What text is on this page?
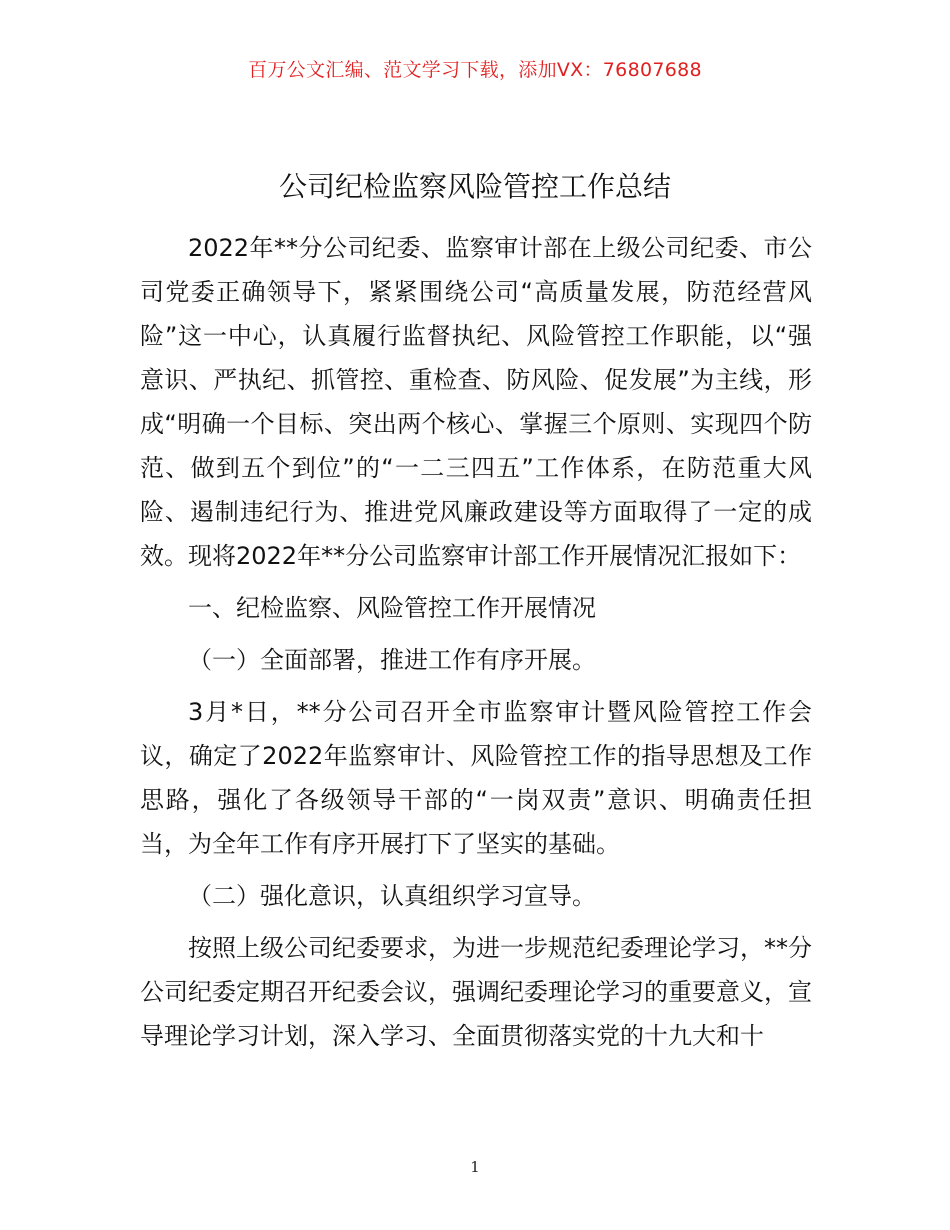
百万公文汇编、范文学习下载，添加VX：76807688
公司纪检监察风险管控工作总结

2022年**分公司纪委、监察审计部在上级公司纪委、市公司党委正确领导下，紧紧围绕公司“高质量发展，防范经营风险”这一中心，认真履行监督执纪、风险管控工作职能，以“强意识、严执纪、抓管控、重检查、防风险、促发展”为主线，形成“明确一个目标、突出两个核心、掌握三个原则、实现四个防范、做到五个到位”的“一二三四五”工作体系，在防范重大风险、遏制违纪行为、推进党风廉政建设等方面取得了一定的成效。现将2022年**分公司监察审计部工作开展情况汇报如下：

一、纪检监察、风险管控工作开展情况

（一）全面部署，推进工作有序开展。

3月*日，**分公司召开全市监察审计暨风险管控工作会议，确定了2022年监察审计、风险管控工作的指导思想及工作思路，强化了各级领导干部的“一岗双责”意识、明确责任担当，为全年工作有序开展打下了坚实的基础。

（二）强化意识，认真组织学习宣导。

按照上级公司纪委要求，为进一步规范纪委理论学习，**分公司纪委定期召开纪委会议，强调纪委理论学习的重要意义，宣导理论学习计划，深入学习、全面贯彻落实党的十九大和十

1
